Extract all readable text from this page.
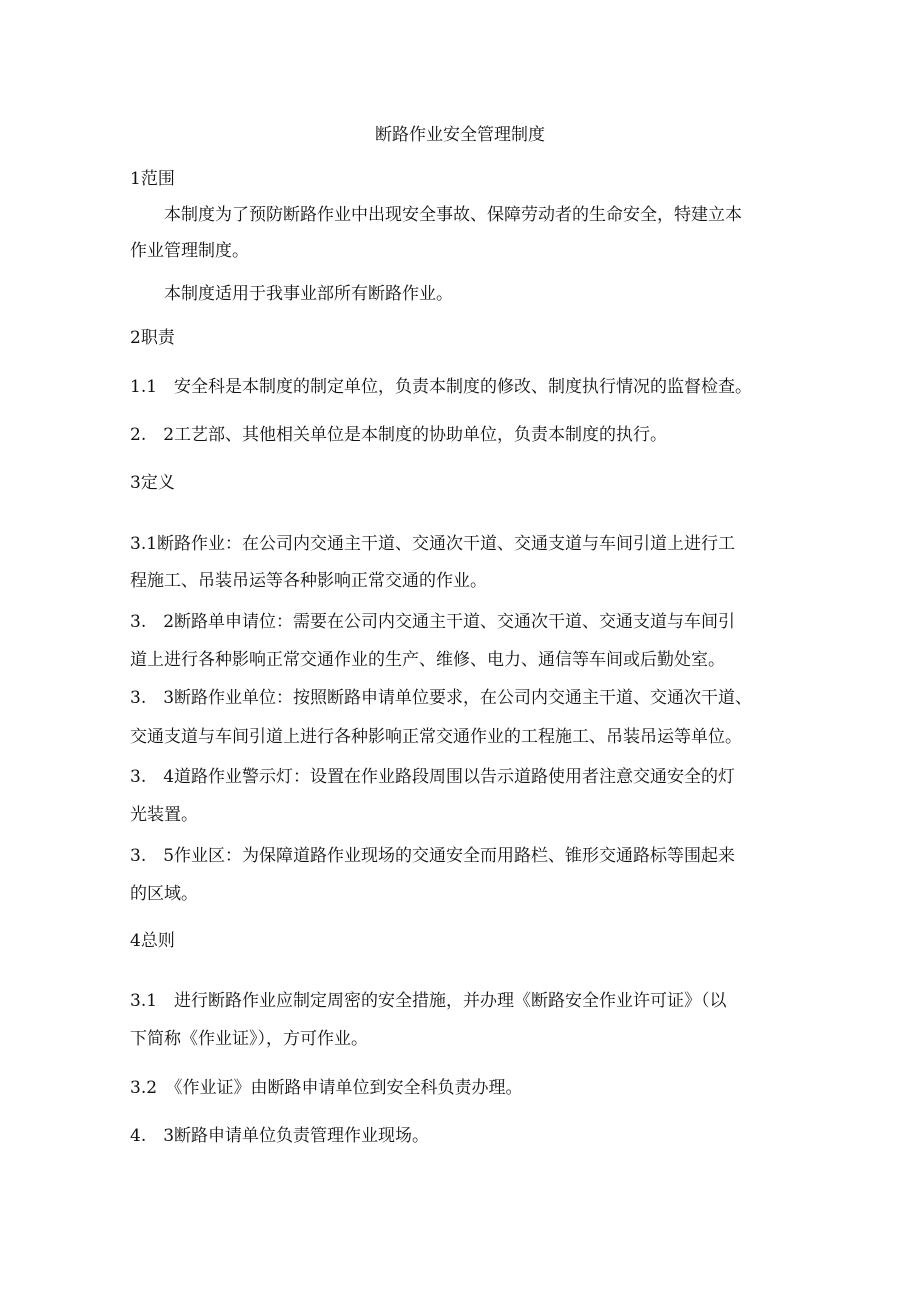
断路作业安全管理制度
1范围
本制度为了预防断路作业中出现安全事故、保障劳动者的生命安全，特建立本
作业管理制度。
本制度适用于我事业部所有断路作业。
2职责
1.1　安全科是本制度的制定单位，负责本制度的修改、制度执行情况的监督检查。
2.　2工艺部、其他相关单位是本制度的协助单位，负责本制度的执行。
3定义
3.1断路作业：在公司内交通主干道、交通次干道、交通支道与车间引道上进行工
程施工、吊装吊运等各种影响正常交通的作业。
3.　2断路单申请位：需要在公司内交通主干道、交通次干道、交通支道与车间引
道上进行各种影响正常交通作业的生产、维修、电力、通信等车间或后勤处室。
3.　3断路作业单位：按照断路申请单位要求，在公司内交通主干道、交通次干道、
交通支道与车间引道上进行各种影响正常交通作业的工程施工、吊装吊运等单位。
3.　4道路作业警示灯：设置在作业路段周围以告示道路使用者注意交通安全的灯
光装置。
3.　5作业区：为保障道路作业现场的交通安全而用路栏、锥形交通路标等围起来
的区域。
4总则
3.1　进行断路作业应制定周密的安全措施，并办理《断路安全作业许可证》（以
下简称《作业证》），方可作业。
3.2　《作业证》由断路申请单位到安全科负责办理。
4.　3断路申请单位负责管理作业现场。
